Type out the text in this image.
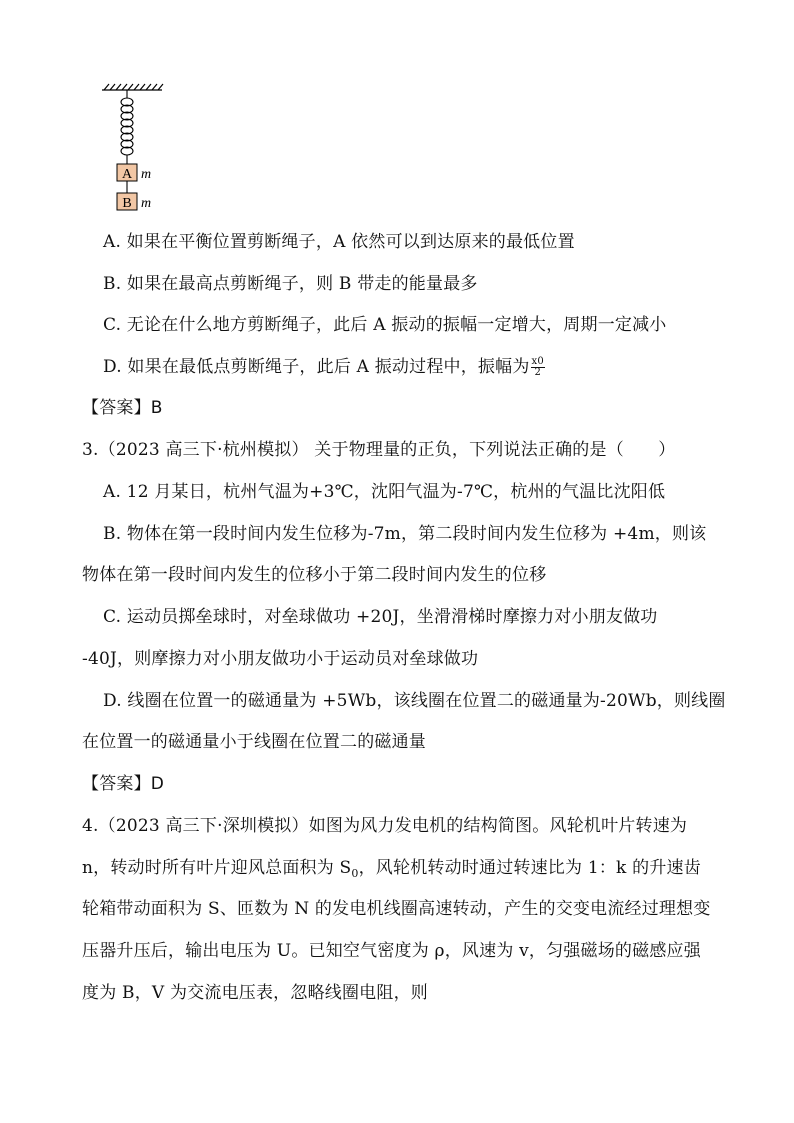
A m
B m
A. 如果在平衡位置剪断绳子，A 依然可以到达原来的最低位置
B. 如果在最高点剪断绳子，则 B 带走的能量最多
C. 无论在什么地方剪断绳子，此后 A 振动的振幅一定增大，周期一定减小
D. 如果在最低点剪断绳子，此后 A 振动过程中，振幅为 $\frac{x0}{2}$
【答案】B
3.（2023 高三下·杭州模拟） 关于物理量的正负，下列说法正确的是（　　）
A. 12 月某日，杭州气温为+3℃，沈阳气温为-7℃，杭州的气温比沈阳低
B. 物体在第一段时间内发生位移为-7m，第二段时间内发生位移为 +4m，则该
物体在第一段时间内发生的位移小于第二段时间内发生的位移
C. 运动员掷垒球时，对垒球做功 +20J，坐滑滑梯时摩擦力对小朋友做功
-40J，则摩擦力对小朋友做功小于运动员对垒球做功
D. 线圈在位置一的磁通量为 +5Wb，该线圈在位置二的磁通量为-20Wb，则线圈
在位置一的磁通量小于线圈在位置二的磁通量
【答案】D
4.（2023 高三下·深圳模拟）如图为风力发电机的结构简图。风轮机叶片转速为
n，转动时所有叶片迎风总面积为 $S_0$，风轮机转动时通过转速比为 1：k 的升速齿
轮箱带动面积为 S、匝数为 N 的发电机线圈高速转动，产生的交变电流经过理想变
压器升压后，输出电压为 U。已知空气密度为 ρ，风速为 v，匀强磁场的磁感应强
度为 B，V 为交流电压表，忽略线圈电阻，则
